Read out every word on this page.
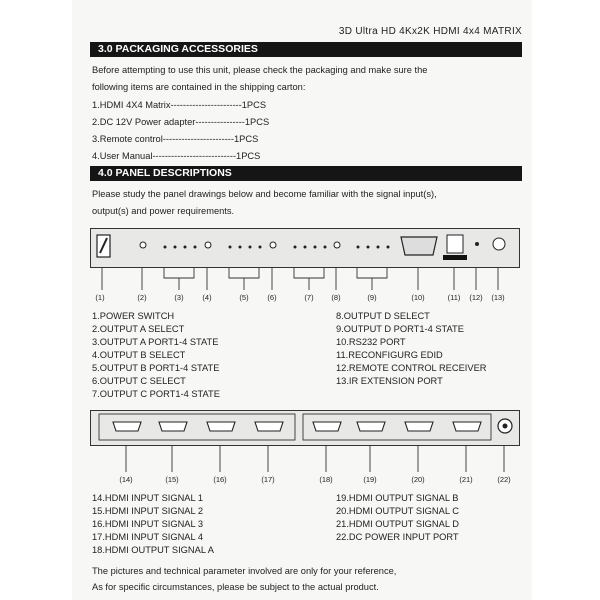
3D Ultra HD 4Kx2K HDMI 4x4 MATRIX
3.0 PACKAGING ACCESSORIES
Before attempting to use this unit, please check the packaging and make sure the
following items are contained in the shipping carton:
1.HDMI 4X4 Matrix-----------------------1PCS
2.DC 12V Power adapter----------------1PCS
3.Remote control-----------------------1PCS
4.User Manual---------------------------1PCS
4.0 PANEL DESCRIPTIONS
Please study the panel drawings below and become familiar with the signal input(s),
output(s) and power requirements.
(1)	(2)	(3)	(4)	(5)	(6)	(7) (8)	(9)	(10)	(11) (12) (13)
1.POWER SWITCH
2.OUTPUT A SELECT
3.OUTPUT A PORT1-4 STATE
4.OUTPUT B SELECT
5.OUTPUT B PORT1-4 STATE
6.OUTPUT C SELECT
7.OUTPUT C PORT1-4 STATE
8.OUTPUT D SELECT
9.OUTPUT D PORT1-4 STATE
10.RS232 PORT
11.RECONFIGURG EDID
12.REMOTE CONTROL RECEIVER
13.IR EXTENSION PORT
(14)	(15)	(16)	(17)	(18)	(19)	(20)	(21)	(22)
14.HDMI INPUT SIGNAL 1
15.HDMI INPUT SIGNAL 2
16.HDMI INPUT SIGNAL 3
17.HDMI INPUT SIGNAL 4
18.HDMI OUTPUT SIGNAL A
19.HDMI OUTPUT SIGNAL B
20.HDMI OUTPUT SIGNAL C
21.HDMI OUTPUT SIGNAL D
22.DC POWER INPUT PORT
The pictures and technical parameter involved are only for your reference,
As for specific circumstances, please be subject to the actual product.
